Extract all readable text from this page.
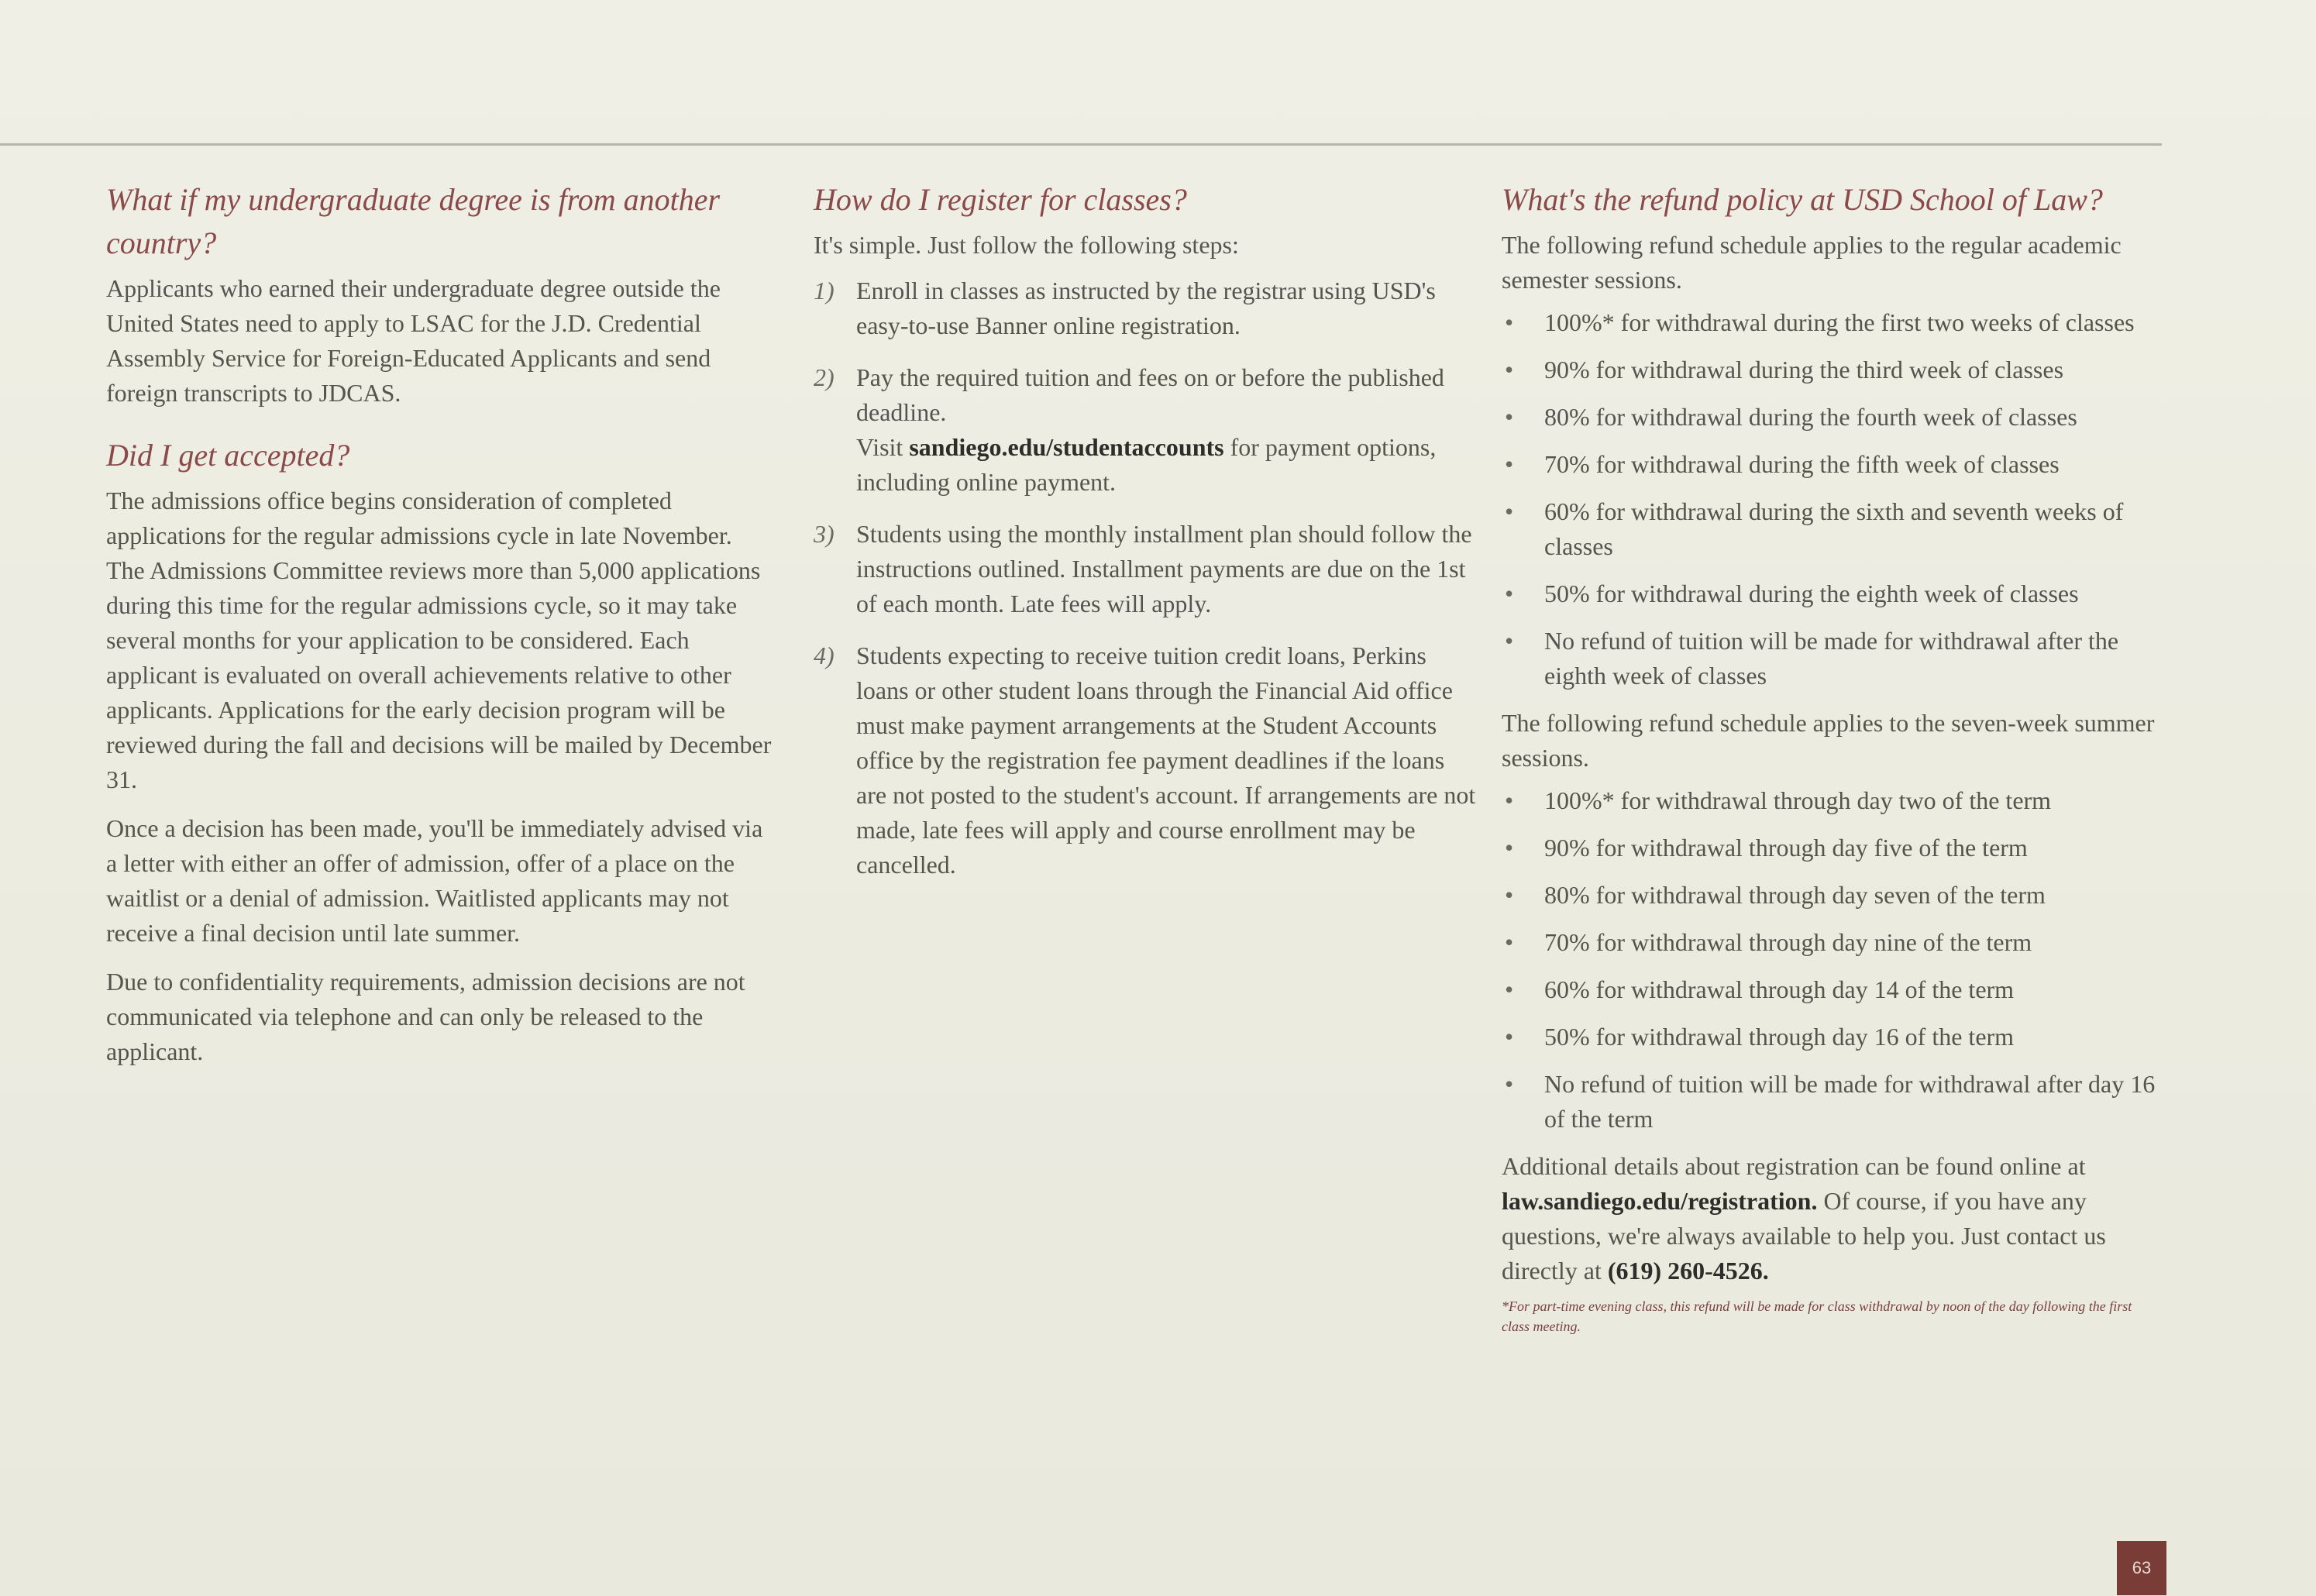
What if my undergraduate degree is from another country?

Applicants who earned their undergraduate degree outside the United States need to apply to LSAC for the J.D. Credential Assembly Service for Foreign-Educated Applicants and send foreign transcripts to JDCAS.

Did I get accepted?

The admissions office begins consideration of completed applications for the regular admissions cycle in late November. The Admissions Committee reviews more than 5,000 applications during this time for the regular admissions cycle, so it may take several months for your application to be considered. Each applicant is evaluated on overall achievements relative to other applicants. Applications for the early decision program will be reviewed during the fall and decisions will be mailed by December 31.

Once a decision has been made, you'll be immediately advised via a letter with either an offer of admission, offer of a place on the waitlist or a denial of admission. Waitlisted applicants may not receive a final decision until late summer.

Due to confidentiality requirements, admission decisions are not communicated via telephone and can only be released to the applicant.

How do I register for classes?

It's simple. Just follow the following steps:

1) Enroll in classes as instructed by the registrar using USD's easy-to-use Banner online registration.
2) Pay the required tuition and fees on or before the published deadline.
Visit sandiego.edu/studentaccounts for payment options, including online payment.
3) Students using the monthly installment plan should follow the instructions outlined. Installment payments are due on the 1st of each month. Late fees will apply.
4) Students expecting to receive tuition credit loans, Perkins loans or other student loans through the Financial Aid office must make payment arrangements at the Student Accounts office by the registration fee payment deadlines if the loans are not posted to the student's account. If arrangements are not made, late fees will apply and course enrollment may be cancelled.
What's the refund policy at USD School of Law?

The following refund schedule applies to the regular academic semester sessions.

• 100%* for withdrawal during the first two weeks of classes
• 90% for withdrawal during the third week of classes
• 80% for withdrawal during the fourth week of classes
• 70% for withdrawal during the fifth week of classes
• 60% for withdrawal during the sixth and seventh weeks of classes
• 50% for withdrawal during the eighth week of classes
• No refund of tuition will be made for withdrawal after the eighth week of classes

The following refund schedule applies to the seven-week summer sessions.

• 100%* for withdrawal through day two of the term
• 90% for withdrawal through day five of the term
• 80% for withdrawal through day seven of the term
• 70% for withdrawal through day nine of the term
• 60% for withdrawal through day 14 of the term
• 50% for withdrawal through day 16 of the term
• No refund of tuition will be made for withdrawal after day 16 of the term

Additional details about registration can be found online at law.sandiego.edu/registration. Of course, if you have any questions, we're always available to help you. Just contact us directly at (619) 260-4526.

*For part-time evening class, this refund will be made for class withdrawal by noon of the day following the first class meeting.
63
